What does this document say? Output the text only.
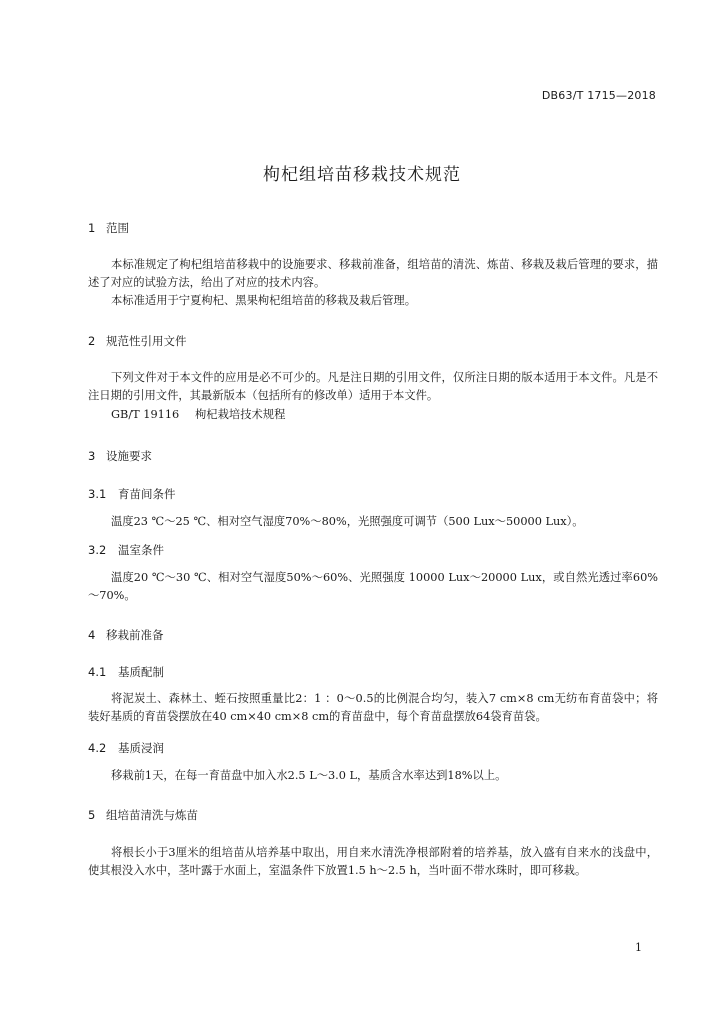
DB63/T 1715—2018
枸杞组培苗移栽技术规范
1 范围

本标准规定了枸杞组培苗移栽中的设施要求、移栽前准备，组培苗的清洗、炼苗、移栽及栽后管理的要求，描述了对应的试验方法，给出了对应的技术内容。

本标准适用于宁夏枸杞、黑果枸杞组培苗的移栽及栽后管理。

2 规范性引用文件

下列文件对于本文件的应用是必不可少的。凡是注日期的引用文件，仅所注日期的版本适用于本文件。凡是不注日期的引用文件，其最新版本（包括所有的修改单）适用于本文件。

GB/T 19116 枸杞栽培技术规程
3 设施要求
3.1 育苗间条件

温度23 ℃～25 ℃、相对空气湿度70%～80%，光照强度可调节（500 Lux～50000 Lux）。

3.2 温室条件

温度20 ℃～30 ℃、相对空气湿度50%～60%、光照强度 10000 Lux～20000 Lux，或自然光透过率60%～70%。

4 移栽前准备
4.1 基质配制

将泥炭土、森林土、蛭石按照重量比2：1 ：0～0.5的比例混合均匀，装入7 cm×8 cm无纺布育苗袋中；将装好基质的育苗袋摆放在40 cm×40 cm×8 cm的育苗盘中，每个育苗盘摆放64袋育苗袋。

4.2 基质浸润

移栽前1天，在每一育苗盘中加入水2.5 L～3.0 L，基质含水率达到18%以上。

5 组培苗清洗与炼苗

将根长小于3厘米的组培苗从培养基中取出，用自来水清洗净根部附着的培养基，放入盛有自来水的浅盘中，使其根没入水中，茎叶露于水面上，室温条件下放置1.5 h～2.5 h，当叶面不带水珠时，即可移栽。

1
